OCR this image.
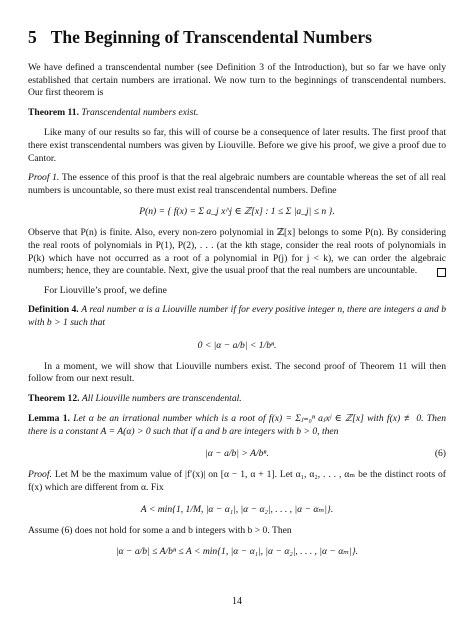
5 The Beginning of Transcendental Numbers

We have defined a transcendental number (see Definition 3 of the Introduction), but so far we have only established that certain numbers are irrational. We now turn to the beginnings of transcendental numbers. Our first theorem is

Theorem 11. Transcendental numbers exist.

Like many of our results so far, this will of course be a consequence of later results. The first proof that there exist transcendental numbers was given by Liouville. Before we give his proof, we give a proof due to Cantor.

Proof 1. The essence of this proof is that the real algebraic numbers are countable whereas the set of all real numbers is uncountable, so there must exist real transcendental numbers. Define

P(n) = { f(x) = Σ a_j x^j ∈ ℤ[x] : 1 ≤ Σ |a_j| ≤ n }.

Observe that P(n) is finite. Also, every non-zero polynomial in ℤ[x] belongs to some P(n). By considering the real roots of polynomials in P(1), P(2), . . . (at the kth stage, consider the real roots of polynomials in P(k) which have not occurred as a root of a polynomial in P(j) for j < k), we can order the algebraic numbers; hence, they are countable. Next, give the usual proof that the real numbers are uncountable.

For Liouville’s proof, we define

Definition 4. A real number α is a Liouville number if for every positive integer n, there are integers a and b with b > 1 such that
0 < |α − a/b| < 1/bⁿ.

In a moment, we will show that Liouville numbers exist. The second proof of Theorem 11 will then follow from our next result.

Theorem 12. All Liouville numbers are transcendental.
Lemma 1. Let α be an irrational number which is a root of f(x) = Σⱼ₌₀ⁿ aⱼxʲ ∈ ℤ[x] with f(x) ≢ 0. Then there is a constant A = A(α) > 0 such that if a and b are integers with b > 0, then
|α − a/b| > A/bⁿ.	(6)

Proof. Let M be the maximum value of |f′(x)| on [α − 1, α + 1]. Let α₁, α₂, . . . , αₘ be the distinct roots of f(x) which are different from α. Fix

A < min{1, 1/M, |α − α₁|, |α − α₂|, . . . , |α − αₘ|}.

Assume (6) does not hold for some a and b integers with b > 0. Then

|α − a/b| ≤ A/bⁿ ≤ A < min{1, |α − α₁|, |α − α₂|, . . . , |α − αₘ|}.
14
